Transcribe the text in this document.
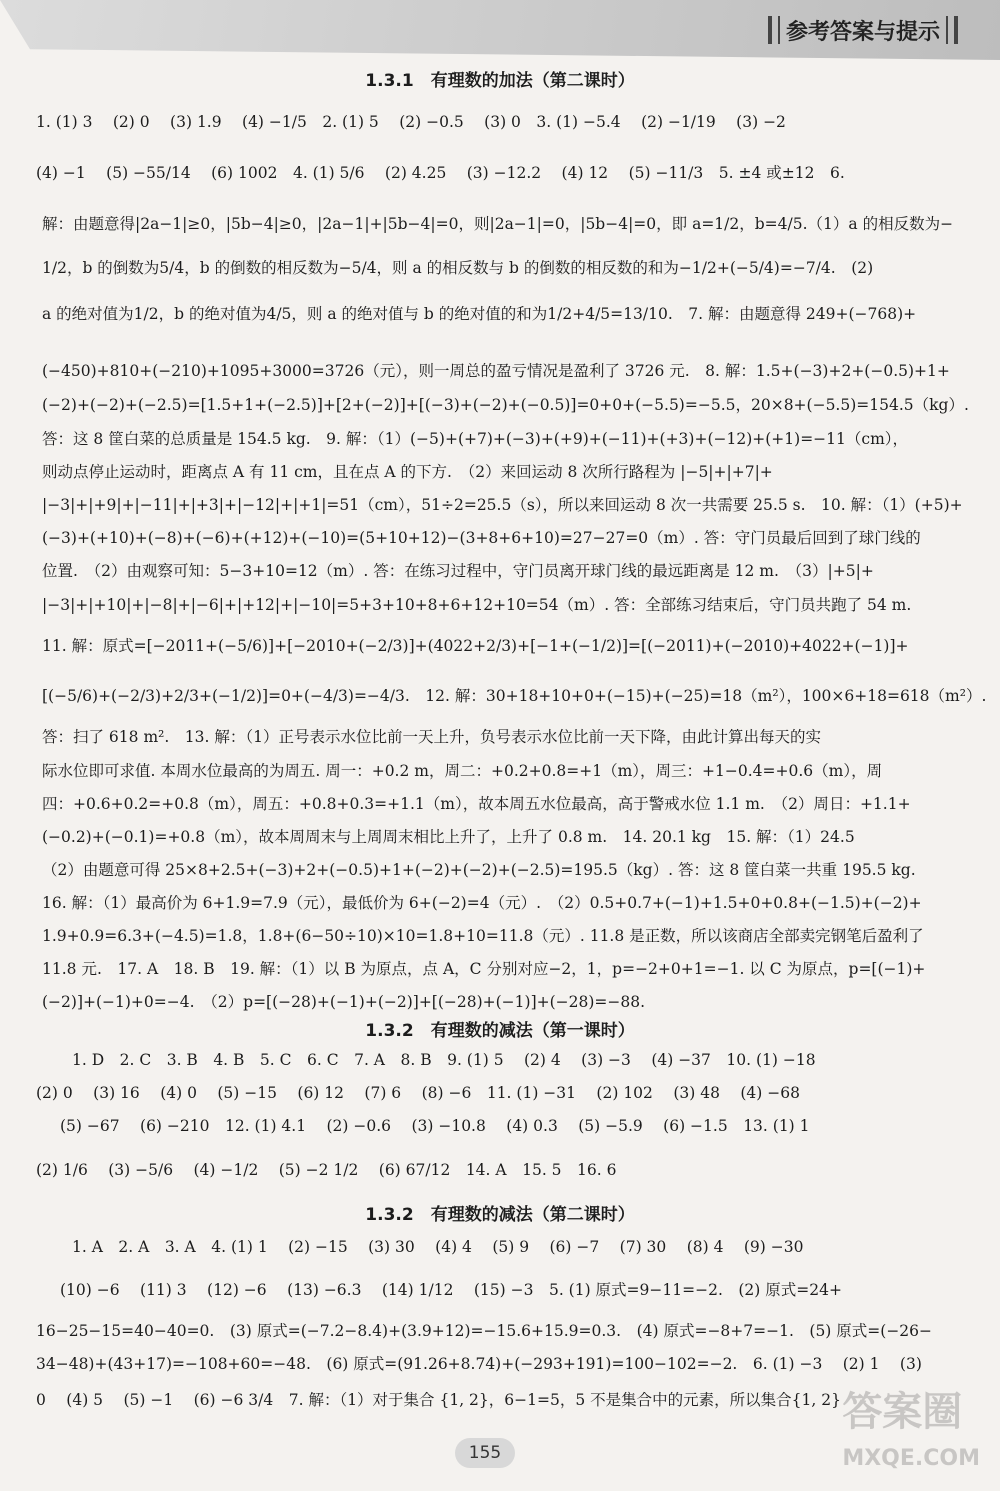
参考答案与提示
1.3.1　有理数的加法（第二课时）
1. (1) 3　 (2) 0　 (3) 1.9　 (4) −1/5　2. (1) 5　 (2) −0.5　 (3) 0　3. (1) −5.4　 (2) −1/19　 (3) −2
(4) −1　 (5) −55/14　 (6) 1002　4. (1) 5/6　 (2) 4.25　 (3) −12.2　 (4) 12　 (5) −11/3　5. ±4 或±12　6.
解：由题意得|2a−1|≥0，|5b−4|≥0，|2a−1|+|5b−4|=0，则|2a−1|=0，|5b−4|=0，即 a=1/2，b=4/5.（1）a 的相反数为−
1/2，b 的倒数为5/4，b 的倒数的相反数为−5/4，则 a 的相反数与 b 的倒数的相反数的和为−1/2+(−5/4)=−7/4.　(2)
a 的绝对值为1/2，b 的绝对值为4/5，则 a 的绝对值与 b 的绝对值的和为1/2+4/5=13/10.　7. 解：由题意得 249+(−768)+
(−450)+810+(−210)+1095+3000=3726（元），则一周总的盈亏情况是盈利了 3726 元.　8. 解：1.5+(−3)+2+(−0.5)+1+
(−2)+(−2)+(−2.5)=[1.5+1+(−2.5)]+[2+(−2)]+[(−3)+(−2)+(−0.5)]=0+0+(−5.5)=−5.5，20×8+(−5.5)=154.5（kg）.
答：这 8 筐白菜的总质量是 154.5 kg.　9. 解：（1）(−5)+(+7)+(−3)+(+9)+(−11)+(+3)+(−12)+(+1)=−11（cm），
则动点停止运动时，距离点 A 有 11 cm，且在点 A 的下方.　（2）来回运动 8 次所行路程为 |−5|+|+7|+
|−3|+|+9|+|−11|+|+3|+|−12|+|+1|=51（cm），51÷2=25.5（s），所以来回运动 8 次一共需要 25.5 s.　10. 解：（1）(+5)+
(−3)+(+10)+(−8)+(−6)+(+12)+(−10)=(5+10+12)−(3+8+6+10)=27−27=0（m）. 答：守门员最后回到了球门线的
位置.　（2）由观察可知：5−3+10=12（m）. 答：在练习过程中，守门员离开球门线的最远距离是 12 m.　（3）|+5|+
|−3|+|+10|+|−8|+|−6|+|+12|+|−10|=5+3+10+8+6+12+10=54（m）. 答：全部练习结束后，守门员共跑了 54 m.
11. 解：原式=[−2011+(−5/6)]+[−2010+(−2/3)]+(4022+2/3)+[−1+(−1/2)]=[(−2011)+(−2010)+4022+(−1)]+
[(−5/6)+(−2/3)+2/3+(−1/2)]=0+(−4/3)=−4/3.　12. 解：30+18+10+0+(−15)+(−25)=18（m²），100×6+18=618（m²）.
答：扫了 618 m².　13. 解：（1）正号表示水位比前一天上升，负号表示水位比前一天下降，由此计算出每天的实
际水位即可求值. 本周水位最高的为周五. 周一：+0.2 m，周二：+0.2+0.8=+1（m），周三：+1−0.4=+0.6（m），周
四：+0.6+0.2=+0.8（m），周五：+0.8+0.3=+1.1（m），故本周五水位最高，高于警戒水位 1.1 m.　（2）周日：+1.1+
(−0.2)+(−0.1)=+0.8（m），故本周周末与上周周末相比上升了，上升了 0.8 m.　14. 20.1 kg　15. 解：（1）24.5
（2）由题意可得 25×8+2.5+(−3)+2+(−0.5)+1+(−2)+(−2)+(−2.5)=195.5（kg）. 答：这 8 筐白菜一共重 195.5 kg.
16. 解：（1）最高价为 6+1.9=7.9（元），最低价为 6+(−2)=4（元）.　（2）0.5+0.7+(−1)+1.5+0+0.8+(−1.5)+(−2)+
1.9+0.9=6.3+(−4.5)=1.8，1.8+(6−50÷10)×10=1.8+10=11.8（元）. 11.8 是正数，所以该商店全部卖完钢笔后盈利了
11.8 元.　17. A　18. B　19. 解：（1）以 B 为原点，点 A，C 分别对应−2，1，p=−2+0+1=−1. 以 C 为原点，p=[(−1)+
(−2)]+(−1)+0=−4.　（2）p=[(−28)+(−1)+(−2)]+[(−28)+(−1)]+(−28)=−88.
1.3.2　有理数的减法（第一课时）
1. D　2. C　3. B　4. B　5. C　6. C　7. A　8. B　9. (1) 5　 (2) 4　 (3) −3　 (4) −37　10. (1) −18
(2) 0　 (3) 16　 (4) 0　 (5) −15　 (6) 12　 (7) 6　 (8) −6　11. (1) −31　 (2) 102　 (3) 48　 (4) −68
(5) −67　 (6) −210　12. (1) 4.1　 (2) −0.6　 (3) −10.8　 (4) 0.3　 (5) −5.9　 (6) −1.5　13. (1) 1
(2) 1/6　 (3) −5/6　 (4) −1/2　 (5) −2 1/2　 (6) 67/12　14. A　15. 5　16. 6
1.3.2　有理数的减法（第二课时）
1. A　2. A　3. A　4. (1) 1　 (2) −15　 (3) 30　 (4) 4　 (5) 9　 (6) −7　 (7) 30　 (8) 4　 (9) −30
(10) −6　 (11) 3　 (12) −6　 (13) −6.3　 (14) 1/12　 (15) −3　5. (1) 原式=9−11=−2.　(2) 原式=24+
16−25−15=40−40=0.　(3) 原式=(−7.2−8.4)+(3.9+12)=−15.6+15.9=0.3.　(4) 原式=−8+7=−1.　(5) 原式=(−26−
34−48)+(43+17)=−108+60=−48.　(6) 原式=(91.26+8.74)+(−293+191)=100−102=−2.　6. (1) −3　 (2) 1　 (3)
0　 (4) 5　 (5) −1　 (6) −6 3/4　7. 解：（1）对于集合 {1, 2}，6−1=5，5 不是集合中的元素，所以集合{1, 2}
155
答案圈
MXQE.COM
